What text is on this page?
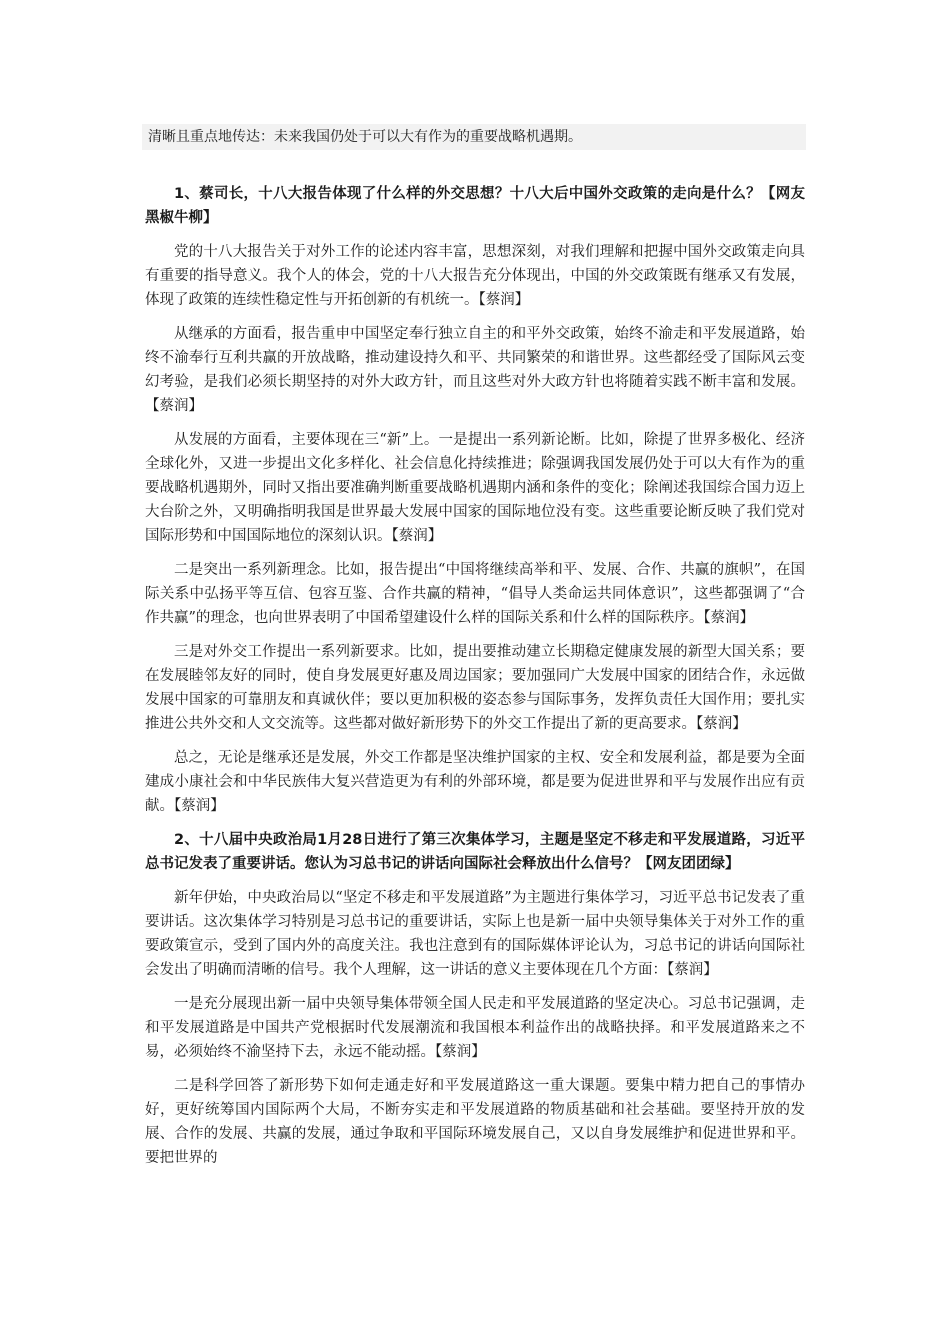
清晰且重点地传达：未来我国仍处于可以大有作为的重要战略机遇期。

1、蔡司长，十八大报告体现了什么样的外交思想？十八大后中国外交政策的走向是什么？【网友黑椒牛柳】

党的十八大报告关于对外工作的论述内容丰富，思想深刻，对我们理解和把握中国外交政策走向具有重要的指导意义。我个人的体会，党的十八大报告充分体现出，中国的外交政策既有继承又有发展，体现了政策的连续性稳定性与开拓创新的有机统一。【蔡润】

从继承的方面看，报告重申中国坚定奉行独立自主的和平外交政策，始终不渝走和平发展道路，始终不渝奉行互利共赢的开放战略，推动建设持久和平、共同繁荣的和谐世界。这些都经受了国际风云变幻考验，是我们必须长期坚持的对外大政方针，而且这些对外大政方针也将随着实践不断丰富和发展。【蔡润】

从发展的方面看，主要体现在三“新”上。一是提出一系列新论断。比如，除提了世界多极化、经济全球化外，又进一步提出文化多样化、社会信息化持续推进；除强调我国发展仍处于可以大有作为的重要战略机遇期外，同时又指出要准确判断重要战略机遇期内涵和条件的变化；除阐述我国综合国力迈上大台阶之外，又明确指明我国是世界最大发展中国家的国际地位没有变。这些重要论断反映了我们党对国际形势和中国国际地位的深刻认识。【蔡润】

二是突出一系列新理念。比如，报告提出“中国将继续高举和平、发展、合作、共赢的旗帜”，在国际关系中弘扬平等互信、包容互鉴、合作共赢的精神，“倡导人类命运共同体意识”，这些都强调了“合作共赢”的理念，也向世界表明了中国希望建设什么样的国际关系和什么样的国际秩序。【蔡润】

三是对外交工作提出一系列新要求。比如，提出要推动建立长期稳定健康发展的新型大国关系；要在发展睦邻友好的同时，使自身发展更好惠及周边国家；要加强同广大发展中国家的团结合作，永远做发展中国家的可靠朋友和真诚伙伴；要以更加积极的姿态参与国际事务，发挥负责任大国作用；要扎实推进公共外交和人文交流等。这些都对做好新形势下的外交工作提出了新的更高要求。【蔡润】

总之，无论是继承还是发展，外交工作都是坚决维护国家的主权、安全和发展利益，都是要为全面建成小康社会和中华民族伟大复兴营造更为有利的外部环境，都是要为促进世界和平与发展作出应有贡献。【蔡润】

2、十八届中央政治局1月28日进行了第三次集体学习，主题是坚定不移走和平发展道路，习近平总书记发表了重要讲话。您认为习总书记的讲话向国际社会释放出什么信号？【网友团团绿】

新年伊始，中央政治局以“坚定不移走和平发展道路”为主题进行集体学习，习近平总书记发表了重要讲话。这次集体学习特别是习总书记的重要讲话，实际上也是新一届中央领导集体关于对外工作的重要政策宣示，受到了国内外的高度关注。我也注意到有的国际媒体评论认为，习总书记的讲话向国际社会发出了明确而清晰的信号。我个人理解，这一讲话的意义主要体现在几个方面：【蔡润】

一是充分展现出新一届中央领导集体带领全国人民走和平发展道路的坚定决心。习总书记强调，走和平发展道路是中国共产党根据时代发展潮流和我国根本利益作出的战略抉择。和平发展道路来之不易，必须始终不渝坚持下去，永远不能动摇。【蔡润】

二是科学回答了新形势下如何走通走好和平发展道路这一重大课题。要集中精力把自己的事情办好，更好统筹国内国际两个大局，不断夯实走和平发展道路的物质基础和社会基础。要坚持开放的发展、合作的发展、共赢的发展，通过争取和平国际环境发展自己，又以自身发展维护和促进世界和平。要把世界的
